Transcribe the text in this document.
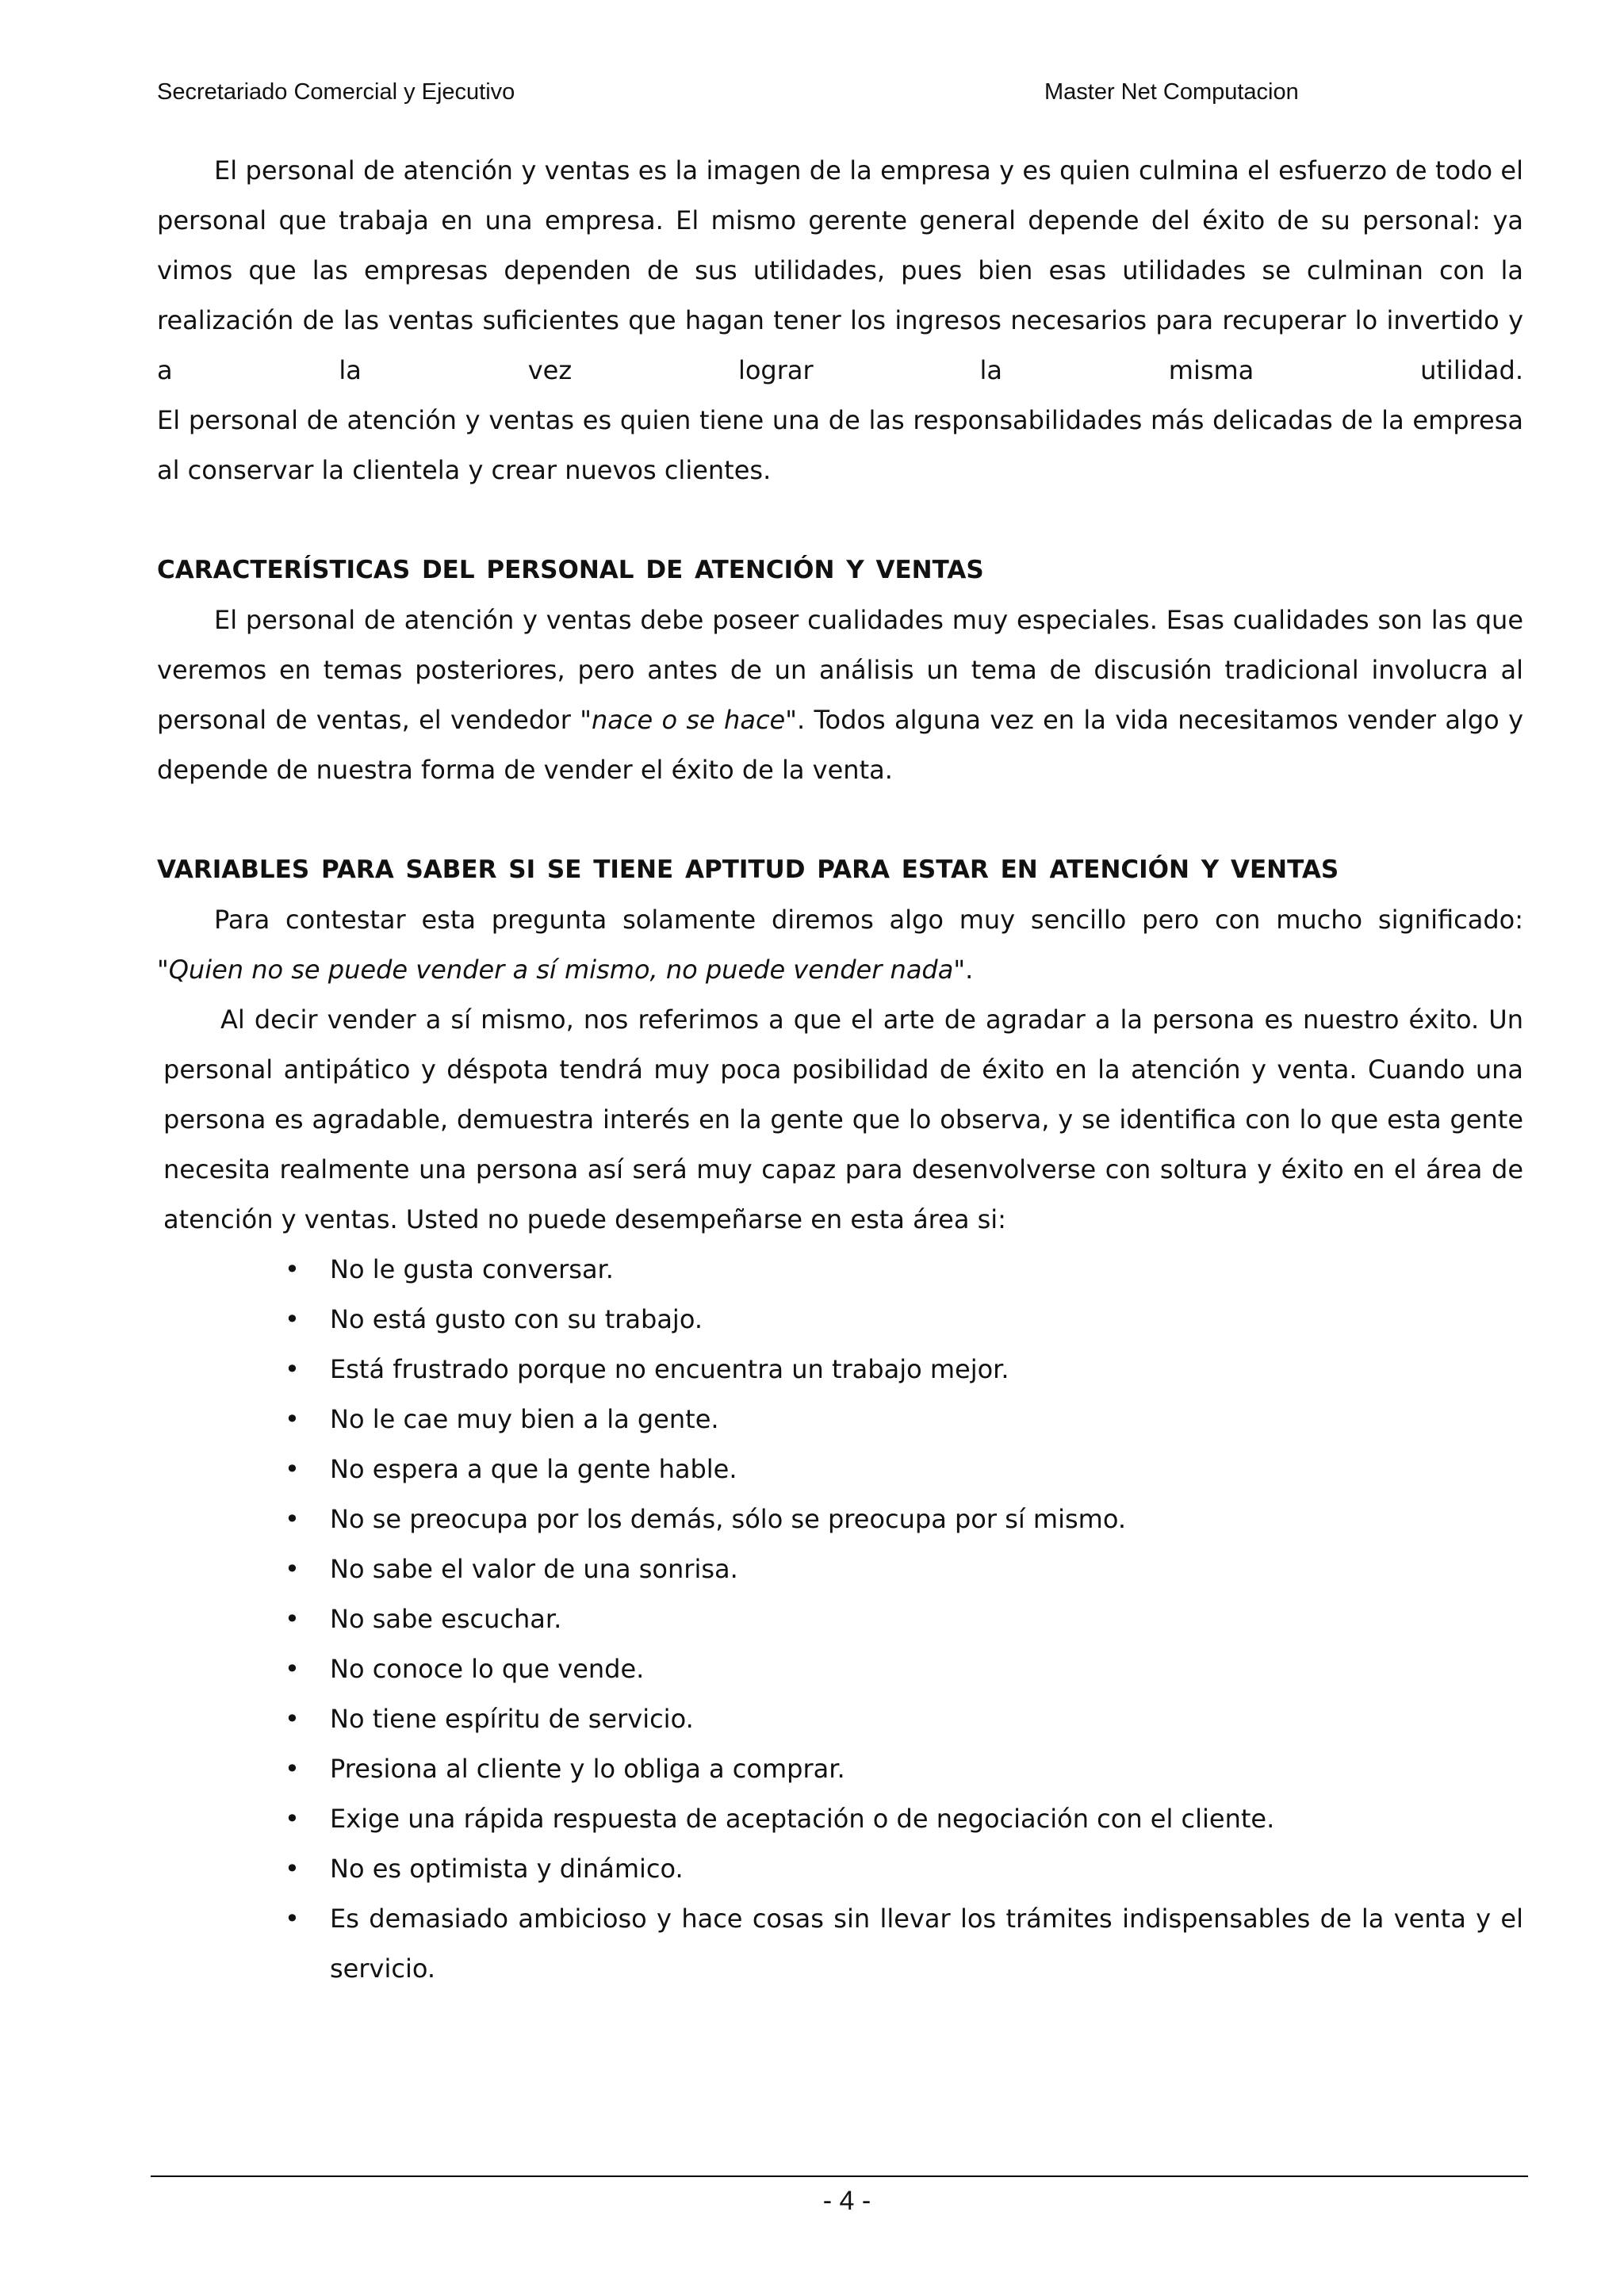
Secretariado Comercial y Ejecutivo	Master Net Computacion

El personal de atención y ventas es la imagen de la empresa y es quien culmina el esfuerzo de todo el personal que trabaja en una empresa. El mismo gerente general depende del éxito de su personal: ya vimos que las empresas dependen de sus utilidades, pues bien esas utilidades se culminan con la realización de las ventas suficientes que hagan tener los ingresos necesarios para recuperar lo invertido y a la vez lograr la misma utilidad.

El personal de atención y ventas es quien tiene una de las responsabilidades más delicadas de la empresa al conservar la clientela y crear nuevos clientes.

CARACTERÍSTICAS DEL PERSONAL DE ATENCIÓN Y VENTAS

El personal de atención y ventas debe poseer cualidades muy especiales. Esas cualidades son las que veremos en temas posteriores, pero antes de un análisis un tema de discusión tradicional involucra al personal de ventas, el vendedor "nace o se hace". Todos alguna vez en la vida necesitamos vender algo y depende de nuestra forma de vender el éxito de la venta.

VARIABLES PARA SABER SI SE TIENE APTITUD PARA ESTAR EN ATENCIÓN Y VENTAS

Para contestar esta pregunta solamente diremos algo muy sencillo pero con mucho significado: "Quien no se puede vender a sí mismo, no puede vender nada".

Al decir vender a sí mismo, nos referimos a que el arte de agradar a la persona es nuestro éxito. Un personal antipático y déspota tendrá muy poca posibilidad de éxito en la atención y venta. Cuando una persona es agradable, demuestra interés en la gente que lo observa, y se identifica con lo que esta gente necesita realmente una persona así será muy capaz para desenvolverse con soltura y éxito en el área de atención y ventas. Usted no puede desempeñarse en esta área si:

• No le gusta conversar.
• No está gusto con su trabajo.
• Está frustrado porque no encuentra un trabajo mejor.
• No le cae muy bien a la gente.
• No espera a que la gente hable.
• No se preocupa por los demás, sólo se preocupa por sí mismo.
• No sabe el valor de una sonrisa.
• No sabe escuchar.
• No conoce lo que vende.
• No tiene espíritu de servicio.
• Presiona al cliente y lo obliga a comprar.
• Exige una rápida respuesta de aceptación o de negociación con el cliente.
• No es optimista y dinámico.
• Es demasiado ambicioso y hace cosas sin llevar los trámites indispensables de la venta y el servicio.
- 4 -
